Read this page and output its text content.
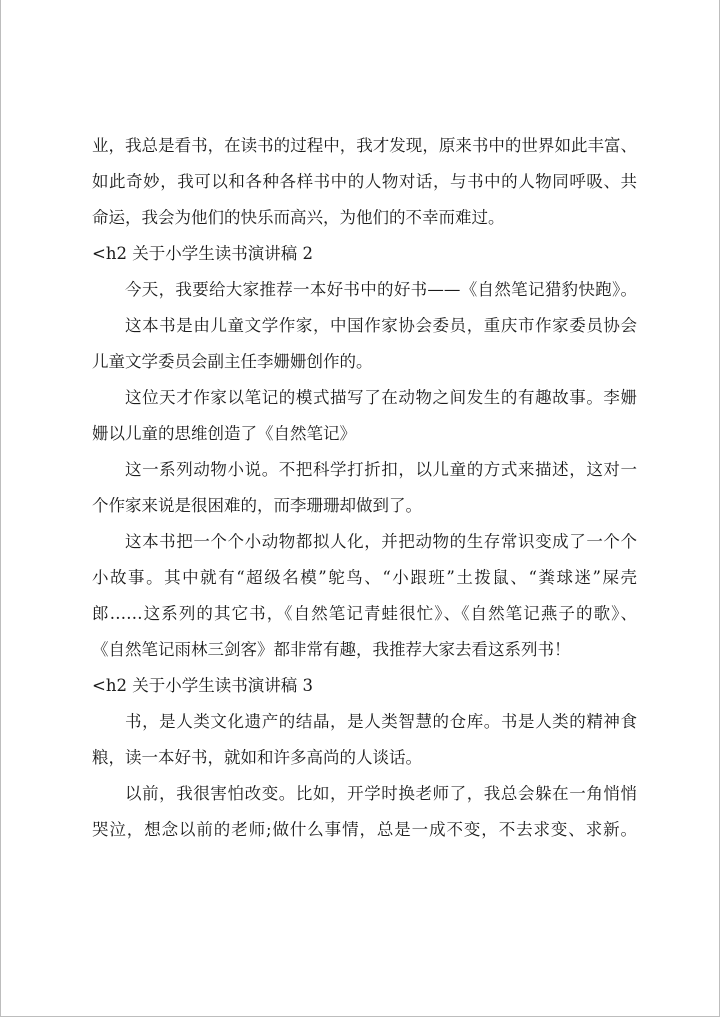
业，我总是看书，在读书的过程中，我才发现，原来书中的世界如此丰富、
如此奇妙，我可以和各种各样书中的人物对话，与书中的人物同呼吸、共
命运，我会为他们的快乐而高兴，为他们的不幸而难过。
<h2 关于小学生读书演讲稿 2
今天，我要给大家推荐一本好书中的好书——《自然笔记猎豹快跑》。
这本书是由儿童文学作家，中国作家协会委员，重庆市作家委员协会
儿童文学委员会副主任李姗姗创作的。
这位天才作家以笔记的模式描写了在动物之间发生的有趣故事。李姗
姗以儿童的思维创造了《自然笔记》
这一系列动物小说。不把科学打折扣，以儿童的方式来描述，这对一
个作家来说是很困难的，而李珊珊却做到了。
这本书把一个个小动物都拟人化，并把动物的生存常识变成了一个个
小故事。其中就有“超级名模”鸵鸟、“小跟班”土拨鼠、“粪球迷”屎壳
郎……这系列的其它书，《自然笔记青蛙很忙》、《自然笔记燕子的歌》、
《自然笔记雨林三剑客》都非常有趣，我推荐大家去看这系列书！
<h2 关于小学生读书演讲稿 3
书，是人类文化遗产的结晶，是人类智慧的仓库。书是人类的精神食
粮，读一本好书，就如和许多高尚的人谈话。
以前，我很害怕改变。比如，开学时换老师了，我总会躲在一角悄悄
哭泣，想念以前的老师;做什么事情，总是一成不变，不去求变、求新。
